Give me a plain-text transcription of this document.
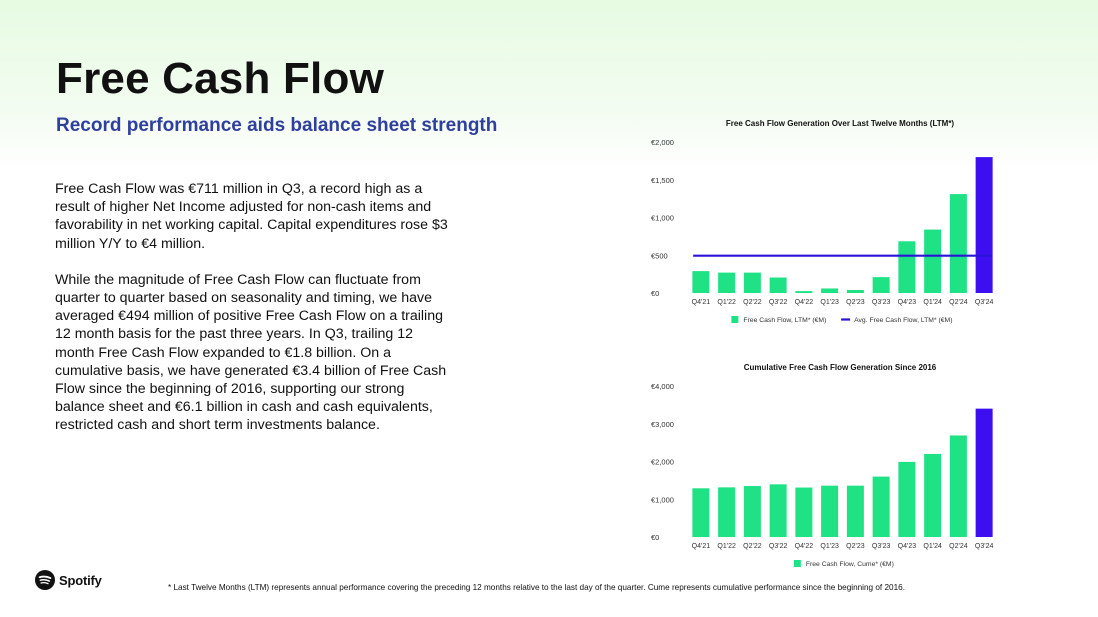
Free Cash Flow
Record performance aids balance sheet strength

Free Cash Flow was €711 million in Q3, a record high as a result of higher Net Income adjusted for non-cash items and favorability in net working capital. Capital expenditures rose $3 million Y/Y to €4 million.

While the magnitude of Free Cash Flow can fluctuate from quarter to quarter based on seasonality and timing, we have averaged €494 million of positive Free Cash Flow on a trailing 12 month basis for the past three years. In Q3, trailing 12 month Free Cash Flow expanded to €1.8 billion. On a cumulative basis, we have generated €3.4 billion of Free Cash Flow since the beginning of 2016, supporting our strong balance sheet and €6.1 billion in cash and cash equivalents, restricted cash and short term investments balance.

Free Cash Flow Generation Over Last Twelve Months (LTM*)
€0
€500
€1,000
€1,500
€2,000
Q4'21 Q1'22 Q2'22 Q3'22 Q4'22 Q1'23 Q2'23 Q3'23 Q4'23 Q1'24 Q2'24 Q3'24
Free Cash Flow, LTM* (€M)	Avg. Free Cash Flow, LTM* (€M)
Cumulative Free Cash Flow Generation Since 2016
€0
€1,000
€2,000
€3,000
€4,000
Q4'21 Q1'22 Q2'22 Q3'22 Q4'22 Q1'23 Q2'23 Q3'23 Q4'23 Q1'24 Q2'24 Q3'24
Free Cash Flow, Cume* (€M)
Spotify	* Last Twelve Months (LTM) represents annual performance covering the preceding 12 months relative to the last day of the quarter. Cume represents cumulative performance since the beginning of 2016.
